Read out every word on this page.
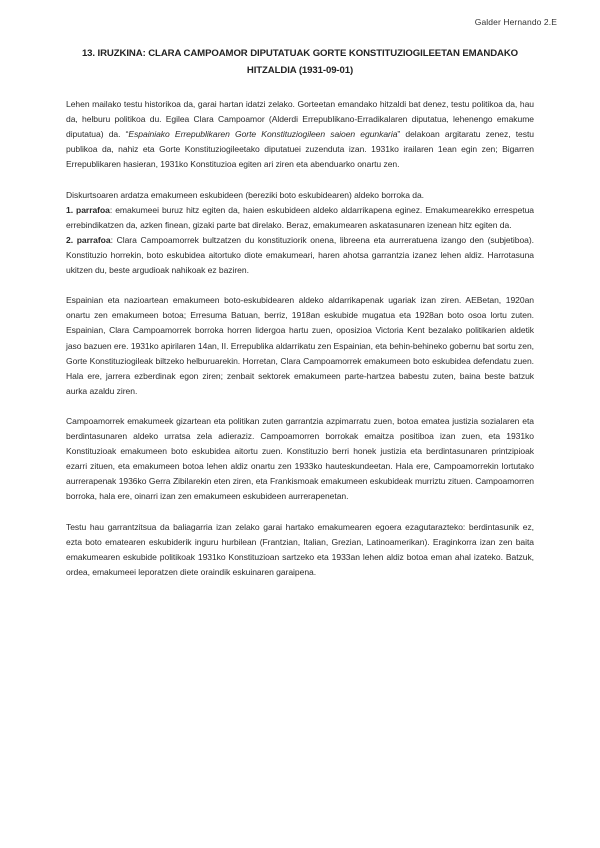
Galder Hernando 2.E
13. IRUZKINA: CLARA CAMPOAMOR DIPUTATUAK GORTE KONSTITUZIOGILEETAN EMANDAKO HITZALDIA (1931-09-01)

Lehen mailako testu historikoa da, garai hartan idatzi zelako. Gorteetan emandako hitzaldi bat denez, testu politikoa da, hau da, helburu politikoa du. Egilea Clara Campoamor (Alderdi Errepublikano-Erradikalaren diputatua, lehenengo emakume diputatua) da. “Espainiako Errepublikaren Gorte Konstituziogileen saioen egunkaria” delakoan argitaratu zenez, testu publikoa da, nahiz eta Gorte Konstituziogileetako diputatuei zuzenduta izan. 1931ko irailaren 1ean egin zen; Bigarren Errepublikaren hasieran, 1931ko Konstituzioa egiten ari ziren eta abenduarko onartu zen.

Diskurtsoaren ardatza emakumeen eskubideen (bereziki boto eskubidearen) aldeko borroka da.

1. parrafoa: emakumeei buruz hitz egiten da, haien eskubideen aldeko aldarrikapena eginez. Emakumearekiko errespetua errebindikatzen da, azken finean, gizaki parte bat direlako. Beraz, emakumearen askatasunaren izenean hitz egiten da.

2. parrafoa: Clara Campoamorrek bultzatzen du konstituziorik onena, libreena eta aurreratuena izango den (subjetiboa). Konstituzio horrekin, boto eskubidea aitortuko diote emakumeari, haren ahotsa garrantzia izanez lehen aldiz. Harrotasuna ukitzen du, beste argudioak nahikoak ez baziren.

Espainian eta nazioartean emakumeen boto-eskubidearen aldeko aldarrikapenak ugariak izan ziren. AEBetan, 1920an onartu zen emakumeen botoa; Erresuma Batuan, berriz, 1918an eskubide mugatua eta 1928an boto osoa lortu zuten. Espainian, Clara Campoamorrek borroka horren lidergoa hartu zuen, oposizioa Victoria Kent bezalako politikarien aldetik jaso bazuen ere. 1931ko apirilaren 14an, II. Errepublika aldarrikatu zen Espainian, eta behin-behineko gobernu bat sortu zen, Gorte Konstituziogileak biltzeko helburuarekin. Horretan, Clara Campoamorrek emakumeen boto eskubidea defendatu zuen. Hala ere, jarrera ezberdinak egon ziren; zenbait sektorek emakumeen parte-hartzea babestu zuten, baina beste batzuk aurka azaldu ziren.

Campoamorrek emakumeek gizartean eta politikan zuten garrantzia azpimarratu zuen, botoa ematea justizia sozialaren eta berdintasunaren aldeko urratsa zela adieraziz. Campoamorren borrokak emaitza positiboa izan zuen, eta 1931ko Konstituzioak emakumeen boto eskubidea aitortu zuen. Konstituzio berri honek justizia eta berdintasunaren printzipioak ezarri zituen, eta emakumeen botoa lehen aldiz onartu zen 1933ko hauteskundeetan. Hala ere, Campoamorrekin lortutako aurrerapenak 1936ko Gerra Zibilarekin eten ziren, eta Frankismoak emakumeen eskubideak murriztu zituen. Campoamorren borroka, hala ere, oinarri izan zen emakumeen eskubideen aurrerapenetan.

Testu hau garrantzitsua da baliagarria izan zelako garai hartako emakumearen egoera ezagutarazteko: berdintasunik ez, ezta boto ematearen eskubiderik inguru hurbilean (Frantzian, Italian, Grezian, Latinoamerikan). Eraginkorra izan zen baita emakumearen eskubide politikoak 1931ko Konstituzioan sartzeko eta 1933an lehen aldiz botoa eman ahal izateko. Batzuk, ordea, emakumeei leporatzen diete oraindik eskuinaren garaipena.
